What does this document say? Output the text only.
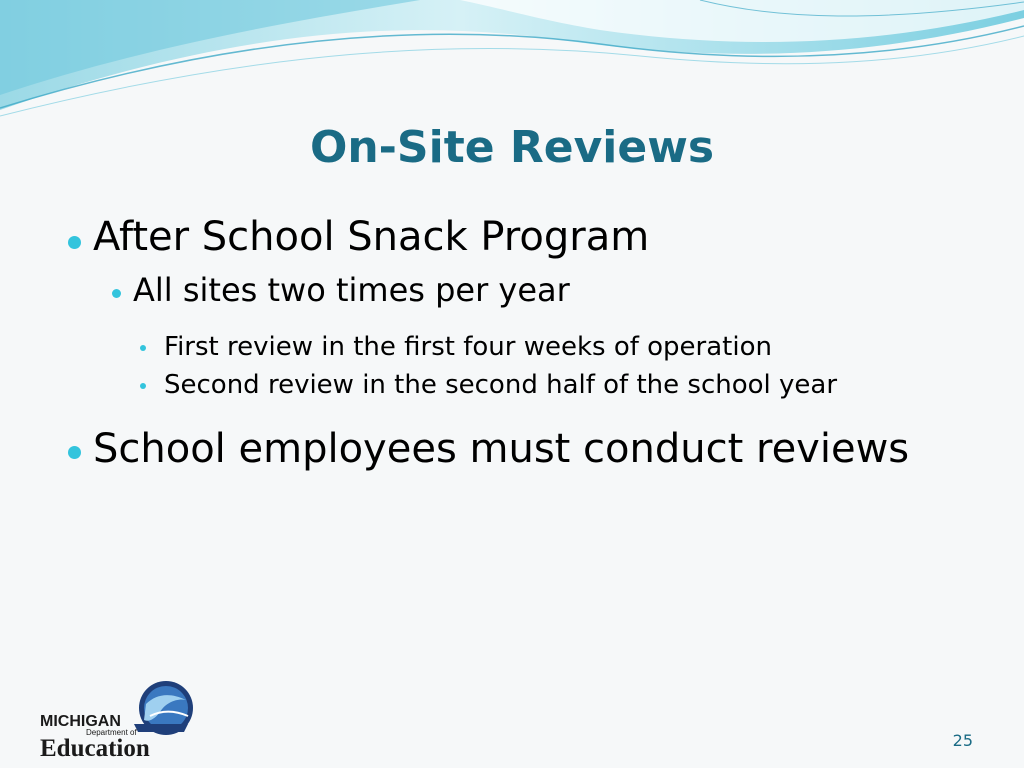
On-Site Reviews
After School Snack Program
All sites two times per year
First review in the first four weeks of operation
Second review in the second half of the school year
School employees must conduct reviews
MICHIGAN
Department of
Education	25
